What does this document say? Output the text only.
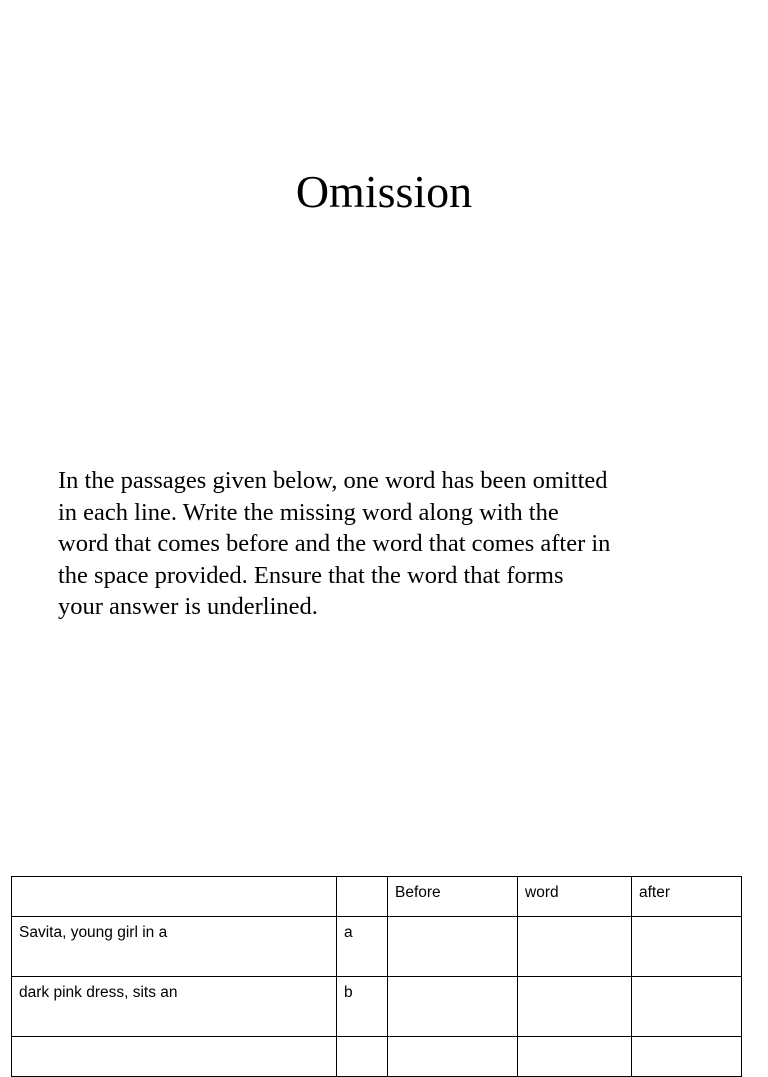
Omission
In the passages given below, one word has been omitted
in each line. Write the missing word along with the
word that comes before and the word that comes after in
the space provided. Ensure that the word that forms
your answer is underlined.
		Before	word	after
Savita, young girl in a	a			
dark pink dress, sits an	b			
